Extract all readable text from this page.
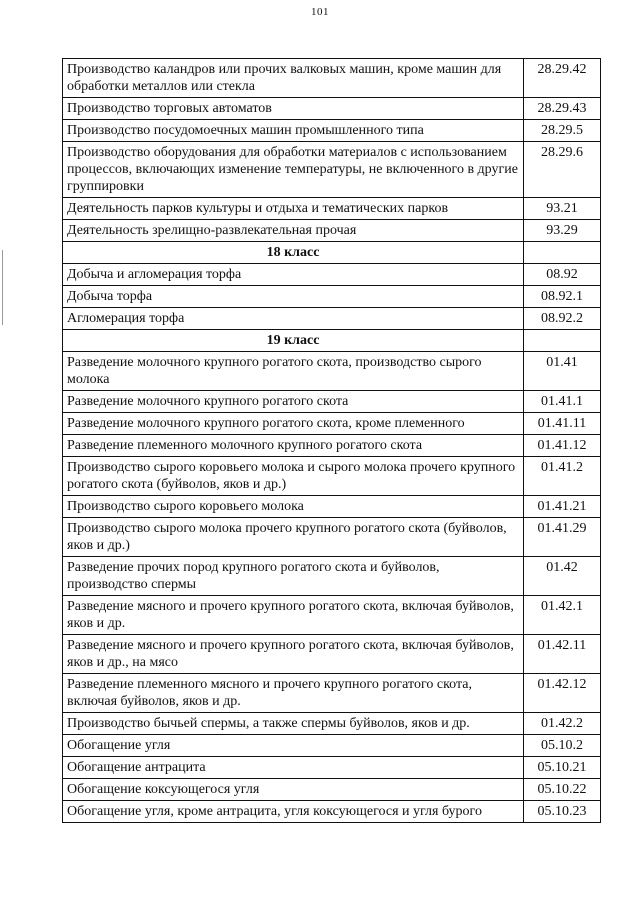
101
Производство каландров или прочих валковых машин, кроме машин для обработки металлов или стекла	28.29.42
Производство торговых автоматов	28.29.43
Производство посудомоечных машин промышленного типа	28.29.5
Производство оборудования для обработки материалов с использованием процессов, включающих изменение температуры, не включенного в другие группировки	28.29.6
Деятельность парков культуры и отдыха и тематических парков	93.21
Деятельность зрелищно-развлекательная прочая	93.29
18 класс	
Добыча и агломерация торфа	08.92
Добыча торфа	08.92.1
Агломерация торфа	08.92.2
19 класс	
Разведение молочного крупного рогатого скота, производство сырого молока	01.41
Разведение молочного крупного рогатого скота	01.41.1
Разведение молочного крупного рогатого скота, кроме племенного	01.41.11
Разведение племенного молочного крупного рогатого скота	01.41.12
Производство сырого коровьего молока и сырого молока прочего крупного рогатого скота (буйволов, яков и др.)	01.41.2
Производство сырого коровьего молока	01.41.21
Производство сырого молока прочего крупного рогатого скота (буйволов, яков и др.)	01.41.29
Разведение прочих пород крупного рогатого скота и буйволов, производство спермы	01.42
Разведение мясного и прочего крупного рогатого скота, включая буйволов, яков и др.	01.42.1
Разведение мясного и прочего крупного рогатого скота, включая буйволов, яков и др., на мясо	01.42.11
Разведение племенного мясного и прочего крупного рогатого скота, включая буйволов, яков и др.	01.42.12
Производство бычьей спермы, а также спермы буйволов, яков и др.	01.42.2
Обогащение угля	05.10.2
Обогащение антрацита	05.10.21
Обогащение коксующегося угля	05.10.22
Обогащение угля, кроме антрацита, угля коксующегося и угля бурого	05.10.23
